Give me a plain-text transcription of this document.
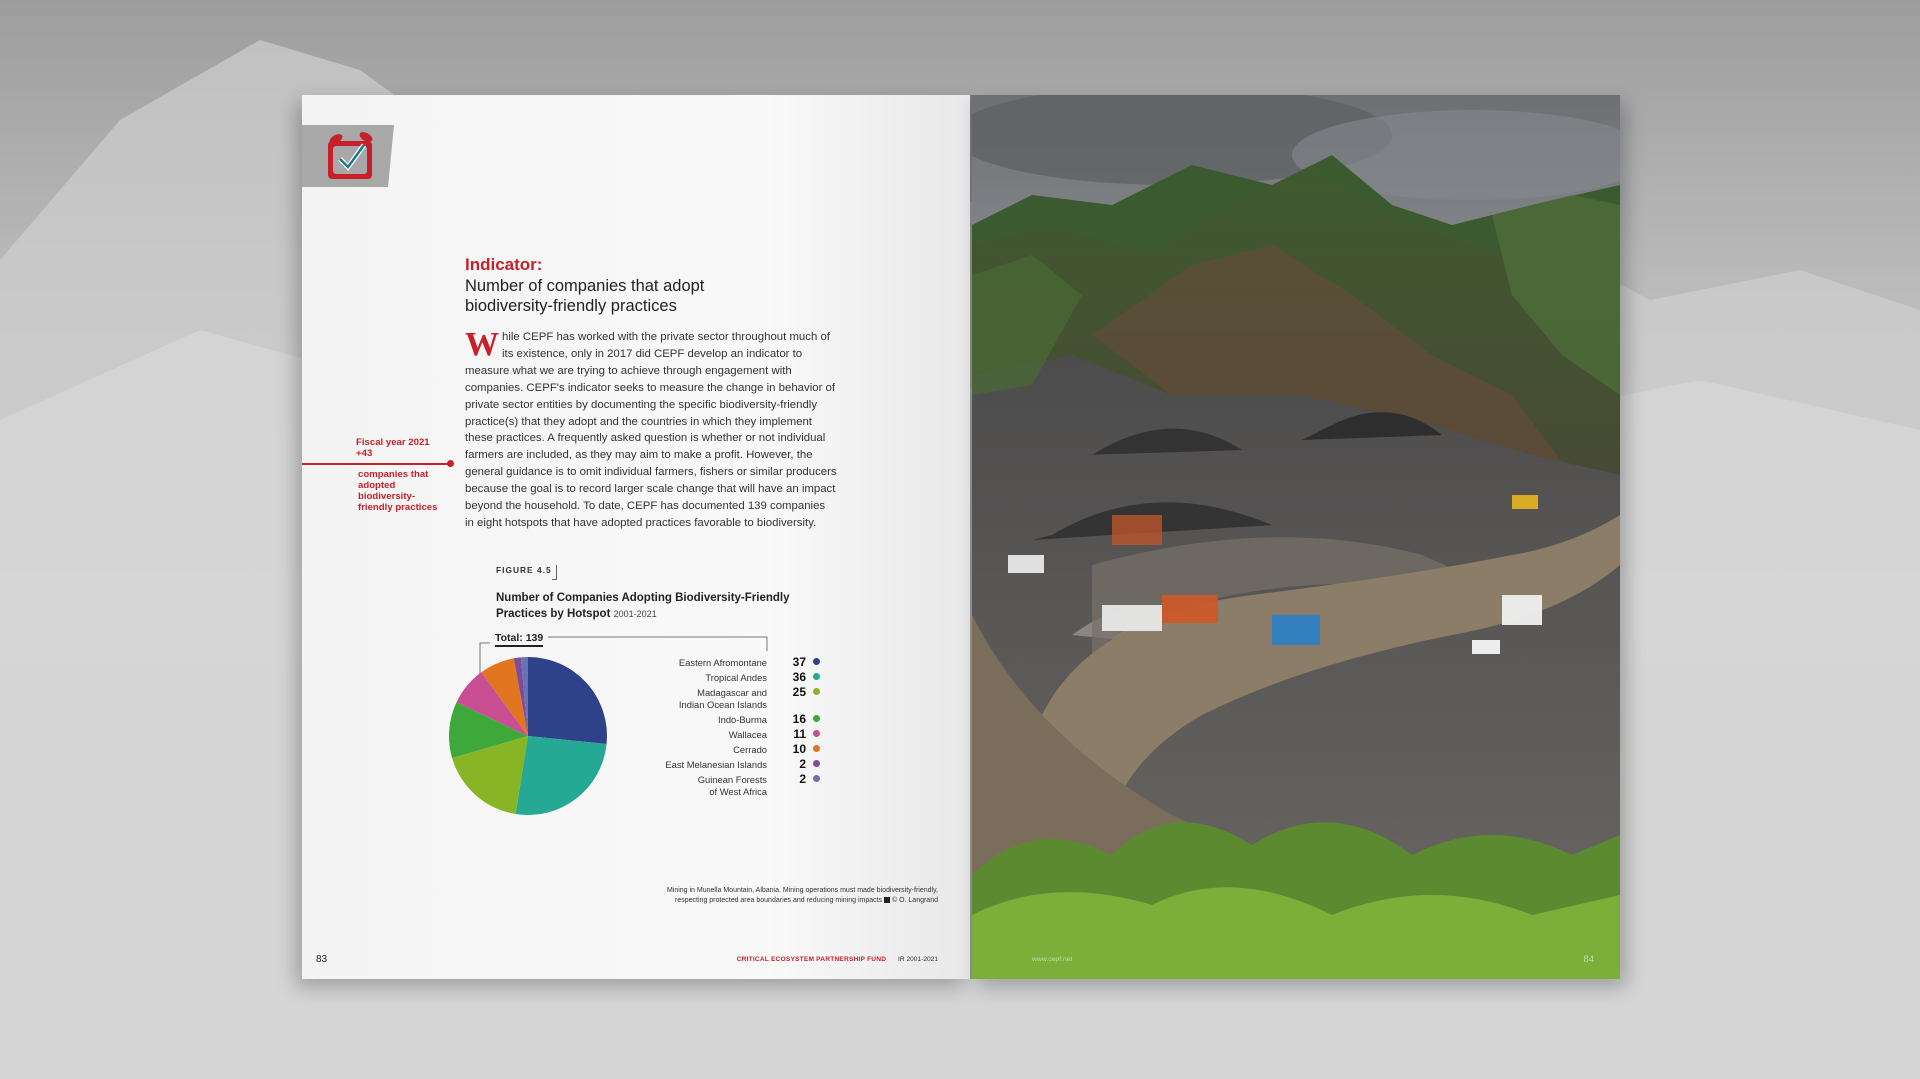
Indicator:
Number of companies that adopt biodiversity-friendly practices
W hile CEPF has worked with the private sector throughout much of its existence, only in 2017 did CEPF develop an indicator to measure what we are trying to achieve through engagement with companies. CEPF's indicator seeks to measure the change in behavior of private sector entities by documenting the specific biodiversity-friendly practice(s) that they adopt and the countries in which they implement these practices. A frequently asked question is whether or not individual farmers are included, as they may aim to make a profit. However, the general guidance is to omit individual farmers, fishers or similar producers because the goal is to record larger scale change that will have an impact beyond the household. To date, CEPF has documented 139 companies in eight hotspots that have adopted practices favorable to biodiversity.
Fiscal year 2021
+43
companies that adopted biodiversity-friendly practices
FIGURE 4.5
Number of Companies Adopting Biodiversity-Friendly Practices by Hotspot 2001-2021
Total: 139
Eastern Afromontane 37
Tropical Andes 36
Madagascar and
Indian Ocean Islands
25
Indo-Burma 16
Wallacea 11
Cerrado 10
East Melanesian Islands	2
Guinean Forests
of West Africa
2
Mining in Munella Mountain, Albania. Mining operations must made biodiversity-friendly,
respecting protected area boundaries and reducing mining impacts © O. Langrand
83	CRITICAL ECOSYSTEM PARTNERSHIP FUND IR 2001-2021	www.cepf.net	84
